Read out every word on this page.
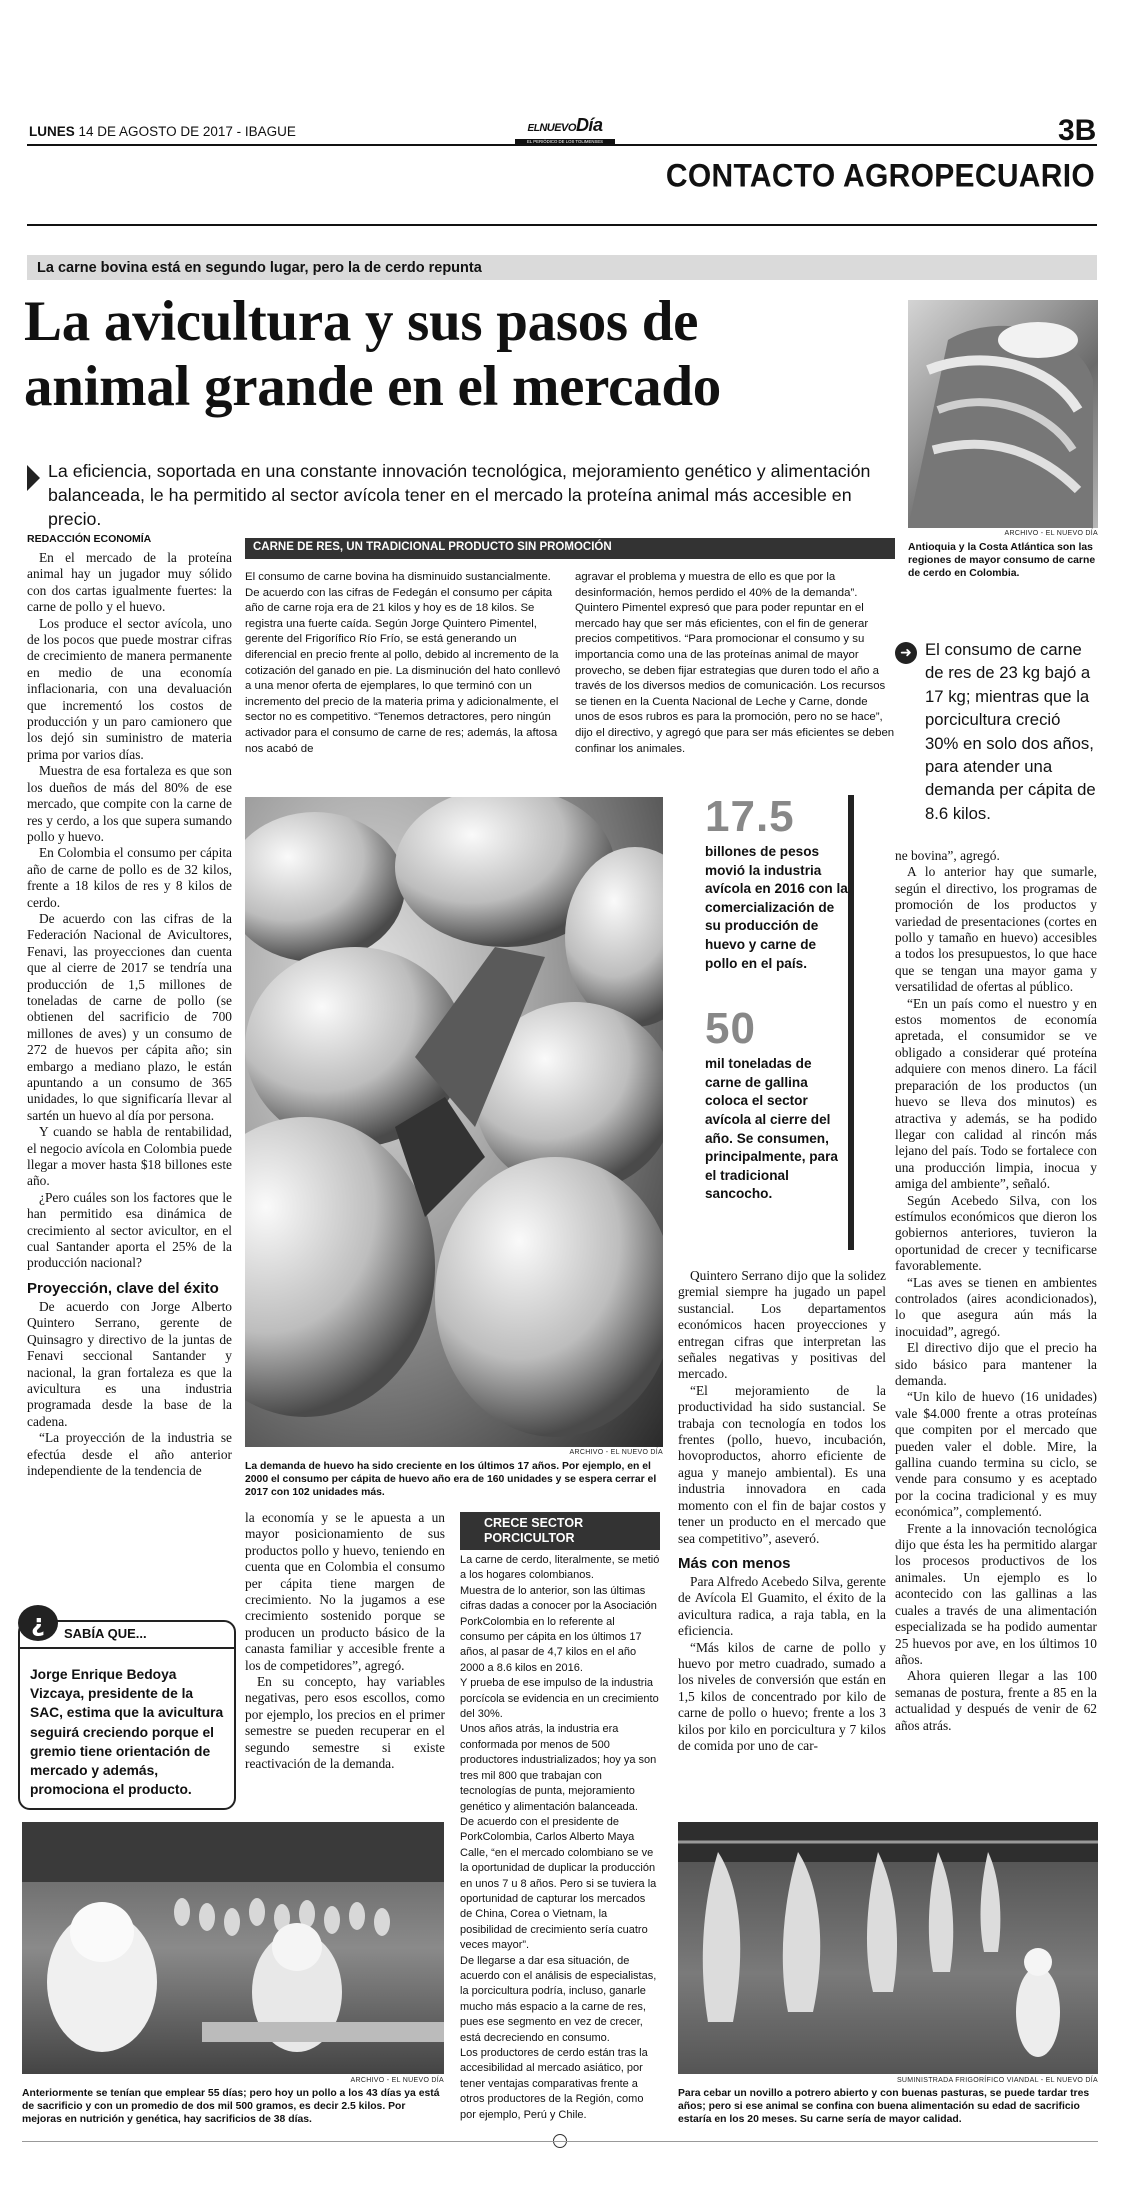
LUNES 14 DE AGOSTO DE 2017 - IBAGUE	ELNUEVODía
EL PERIÓDICO DE LOS TOLIMENSES	3B
CONTACTO AGROPECUARIO
La carne bovina está en segundo lugar, pero la de cerdo repunta
La avicultura y sus pasos de
animal grande en el mercado
La eficiencia, soportada en una constante innovación tecnológica, mejoramiento genético y alimentación balanceada, le ha permitido al sector avícola tener en el mercado la proteína animal más accesible en precio.
ARCHIVO - EL NUEVO DÍA
Antioquia y la Costa Atlántica son las regiones de mayor consumo de carne de cerdo en Colombia.
REDACCIÓN ECONOMÍA

En el mercado de la proteína animal hay un jugador muy sólido con dos cartas igualmente fuertes: la carne de pollo y el huevo.

Los produce el sector avícola, uno de los pocos que puede mostrar cifras de crecimiento de manera permanente en medio de una economía inflacionaria, con una devaluación que incrementó los costos de producción y un paro camionero que los dejó sin suministro de materia prima por varios días.

Muestra de esa fortaleza es que son los dueños de más del 80% de ese mercado, que compite con la carne de res y cerdo, a los que supera sumando pollo y huevo.

En Colombia el consumo per cápita año de carne de pollo es de 32 kilos, frente a 18 kilos de res y 8 kilos de cerdo.

De acuerdo con las cifras de la Federación Nacional de Avicultores, Fenavi, las proyecciones dan cuenta que al cierre de 2017 se tendría una producción de 1,5 millones de toneladas de carne de pollo (se obtienen del sacrificio de 700 millones de aves) y un consumo de 272 de huevos per cápita año; sin embargo a mediano plazo, le están apuntando a un consumo de 365 unidades, lo que significaría llevar al sartén un huevo al día por persona.

Y cuando se habla de rentabilidad, el negocio avícola en Colombia puede llegar a mover hasta $18 billones este año.

¿Pero cuáles son los factores que le han permitido esa dinámica de crecimiento al sector avicultor, en el cual Santander aporta el 25% de la producción nacional?

Proyección, clave del éxito

De acuerdo con Jorge Alberto Quintero Serrano, gerente de Quinsagro y directivo de la juntas de Fenavi seccional Santander y nacional, la gran fortaleza es que la avicultura es una industria programada desde la base de la cadena.

“La proyección de la industria se efectúa desde el año anterior independiente de la tendencia de

¿	SABÍA QUE...
Jorge Enrique Bedoya Vizcaya, presidente de la SAC, estima que la avicultura seguirá creciendo porque el gremio tiene orientación de mercado y además, promociona el producto.
CARNE DE RES, UN TRADICIONAL PRODUCTO SIN PROMOCIÓN

El consumo de carne bovina ha disminuido sustancialmente. De acuerdo con las cifras de Fedegán el consumo per cápita año de carne roja era de 21 kilos y hoy es de 18 kilos. Se registra una fuerte caída. Según Jorge Quintero Pimentel, gerente del Frigorífico Río Frío, se está generando un diferencial en precio frente al pollo, debido al incremento de la cotización del ganado en pie. La disminución del hato conllevó a una menor oferta de ejemplares, lo que terminó con un incremento del precio de la materia prima y adicionalmente, el sector no es competitivo. “Tenemos detractores, pero ningún activador para el consumo de carne de res; además, la aftosa nos acabó de

agravar el problema y muestra de ello es que por la desinformación, hemos perdido el 40% de la demanda”. Quintero Pimentel expresó que para poder repuntar en el mercado hay que ser más eficientes, con el fin de generar precios competitivos. “Para promocionar el consumo y su importancia como una de las proteínas animal de mayor provecho, se deben fijar estrategias que duren todo el año a través de los diversos medios de comunicación. Los recursos se tienen en la Cuenta Nacional de Leche y Carne, donde unos de esos rubros es para la promoción, pero no se hace”, dijo el directivo, y agregó que para ser más eficientes se deben confinar los animales.

ARCHIVO - EL NUEVO DÍA
La demanda de huevo ha sido creciente en los últimos 17 años. Por ejemplo, en el 2000 el consumo per cápita de huevo año era de 160 unidades y se espera cerrar el 2017 con 102 unidades más.
17.5
billones de pesos movió la industria avícola en 2016 con la comercialización de su producción de huevo y carne de pollo en el país.
50
mil toneladas de carne de gallina coloca el sector avícola al cierre del año. Se consumen, principalmente, para el tradicional sancocho.

la economía y se le apuesta a un mayor posicionamiento de sus productos pollo y huevo, teniendo en cuenta que en Colombia el consumo per cápita tiene margen de crecimiento. No la jugamos a ese crecimiento sostenido porque se producen un producto básico de la canasta familiar y accesible frente a los de competidores”, agregó.

En su concepto, hay variables negativas, pero esos escollos, como por ejemplo, los precios en el primer semestre se pueden recuperar en el segundo semestre si existe reactivación de la demanda.

CRECE SECTOR PORCICULTOR

La carne de cerdo, literalmente, se metió a los hogares colombianos.

Muestra de lo anterior, son las últimas cifras dadas a conocer por la Asociación PorkColombia en lo referente al consumo per cápita en los últimos 17 años, al pasar de 4,7 kilos en el año 2000 a 8.6 kilos en 2016.

Y prueba de ese impulso de la industria porcícola se evidencia en un crecimiento del 30%.

Unos años atrás, la industria era conformada por menos de 500 productores industrializados; hoy ya son tres mil 800 que trabajan con tecnologías de punta, mejoramiento genético y alimentación balanceada.

De acuerdo con el presidente de PorkColombia, Carlos Alberto Maya Calle, “en el mercado colombiano se ve la oportunidad de duplicar la producción en unos 7 u 8 años. Pero si se tuviera la oportunidad de capturar los mercados de China, Corea o Vietnam, la posibilidad de crecimiento sería cuatro veces mayor”.

De llegarse a dar esa situación, de acuerdo con el análisis de especialistas, la porcicultura podría, incluso, ganarle mucho más espacio a la carne de res, pues ese segmento en vez de crecer, está decreciendo en consumo.

Los productores de cerdo están tras la accesibilidad al mercado asiático, por tener ventajas comparativas frente a otros productores de la Región, como por ejemplo, Perú y Chile.

Quintero Serrano dijo que la solidez gremial siempre ha jugado un papel sustancial. Los departamentos económicos hacen proyecciones y entregan cifras que interpretan las señales negativas y positivas del mercado.

“El mejoramiento de la productividad ha sido sustancial. Se trabaja con tecnología en todos los frentes (pollo, huevo, incubación, hovoproductos, ahorro eficiente de agua y manejo ambiental). Es una industria innovadora en cada momento con el fin de bajar costos y tener un producto en el mercado que sea competitivo”, aseveró.

Más con menos

Para Alfredo Acebedo Silva, gerente de Avícola El Guamito, el éxito de la avicultura radica, a raja tabla, en la eficiencia.

“Más kilos de carne de pollo y huevo por metro cuadrado, sumado a los niveles de conversión que están en 1,5 kilos de concentrado por kilo de carne de pollo o huevo; frente a los 3 kilos por kilo en porcicultura y 7 kilos de comida por uno de car-

➜ El consumo de carne de res de 23 kg bajó a 17 kg; mientras que la porcicultura creció 30% en solo dos años, para atender una demanda per cápita de 8.6 kilos.

ne bovina”, agregó.

A lo anterior hay que sumarle, según el directivo, los programas de promoción de los productos y variedad de presentaciones (cortes en pollo y tamaño en huevo) accesibles a todos los presupuestos, lo que hace que se tengan una mayor gama y versatilidad de ofertas al público.

“En un país como el nuestro y en estos momentos de economía apretada, el consumidor se ve obligado a considerar qué proteína adquiere con menos dinero. La fácil preparación de los productos (un huevo se lleva dos minutos) es atractiva y además, se ha podido llegar con calidad al rincón más lejano del país. Todo se fortalece con una producción limpia, inocua y amiga del ambiente”, señaló.

Según Acebedo Silva, con los estímulos económicos que dieron los gobiernos anteriores, tuvieron la oportunidad de crecer y tecnificarse favorablemente.

“Las aves se tienen en ambientes controlados (aires acondicionados), lo que asegura aún más la inocuidad”, agregó.

El directivo dijo que el precio ha sido básico para mantener la demanda.

“Un kilo de huevo (16 unidades) vale $4.000 frente a otras proteínas que compiten por el mercado que pueden valer el doble. Mire, la gallina cuando termina su ciclo, se vende para consumo y es aceptado por la cocina tradicional y es muy económica”, complementó.

Frente a la innovación tecnológica dijo que ésta les ha permitido alargar los procesos productivos de los animales. Un ejemplo es lo acontecido con las gallinas a las cuales a través de una alimentación especializada se ha podido aumentar 25 huevos por ave, en los últimos 10 años.

Ahora quieren llegar a las 100 semanas de postura, frente a 85 en la actualidad y después de venir de 62 años atrás.

ARCHIVO - EL NUEVO DÍA
Anteriormente se tenían que emplear 55 días; pero hoy un pollo a los 43 días ya está de sacrificio y con un promedio de dos mil 500 gramos, es decir 2.5 kilos. Por mejoras en nutrición y genética, hay sacrificios de 38 días.
SUMINISTRADA FRIGORÍFICO VIANDAL - EL NUEVO DÍA
Para cebar un novillo a potrero abierto y con buenas pasturas, se puede tardar tres años; pero si ese animal se confina con buena alimentación su edad de sacrificio estaría en los 20 meses. Su carne sería de mayor calidad.
